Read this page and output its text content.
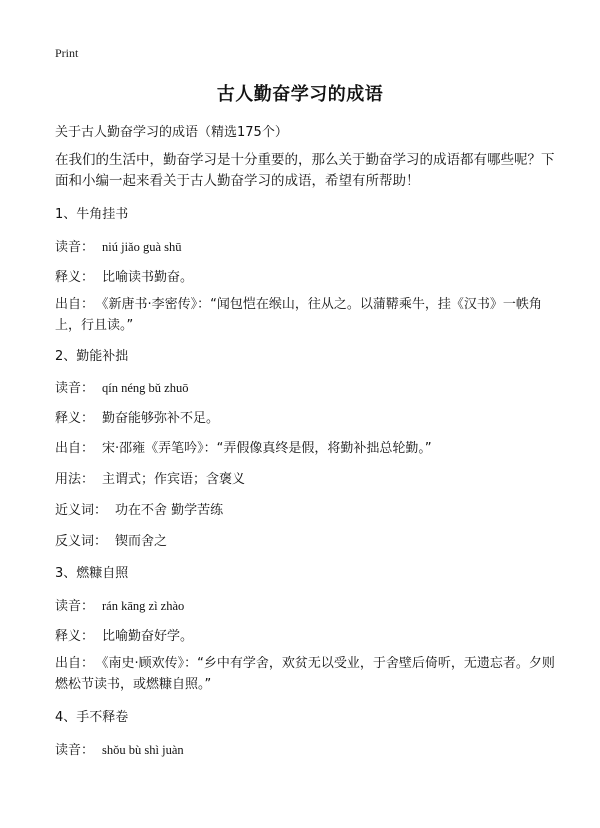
Print
古人勤奋学习的成语
关于古人勤奋学习的成语（精选175个）
在我们的生活中，勤奋学习是十分重要的，那么关于勤奋学习的成语都有哪些呢？下面和小编一起来看关于古人勤奋学习的成语，希望有所帮助！
1、牛角挂书
读音： niú jiǎo guà shū
释义： 比喻读书勤奋。
出自： 《新唐书·李密传》：“闻包恺在缑山，往从之。以蒲鞯乘牛，挂《汉书》一帙角上，行且读。”
2、勤能补拙
读音： qín néng bǔ zhuō
释义： 勤奋能够弥补不足。
出自： 宋·邵雍《弄笔吟》：“弄假像真终是假，将勤补拙总轮勤。”
用法： 主谓式；作宾语；含褒义
近义词： 功在不舍 勤学苦练
反义词： 锲而舍之
3、燃糠自照
读音： rán kāng zì zhào
释义： 比喻勤奋好学。
出自： 《南史·顾欢传》：“乡中有学舍，欢贫无以受业，于舍壁后倚听，无遗忘者。夕则燃松节读书，或燃糠自照。”
4、手不释卷
读音： shǒu bù shì juàn
